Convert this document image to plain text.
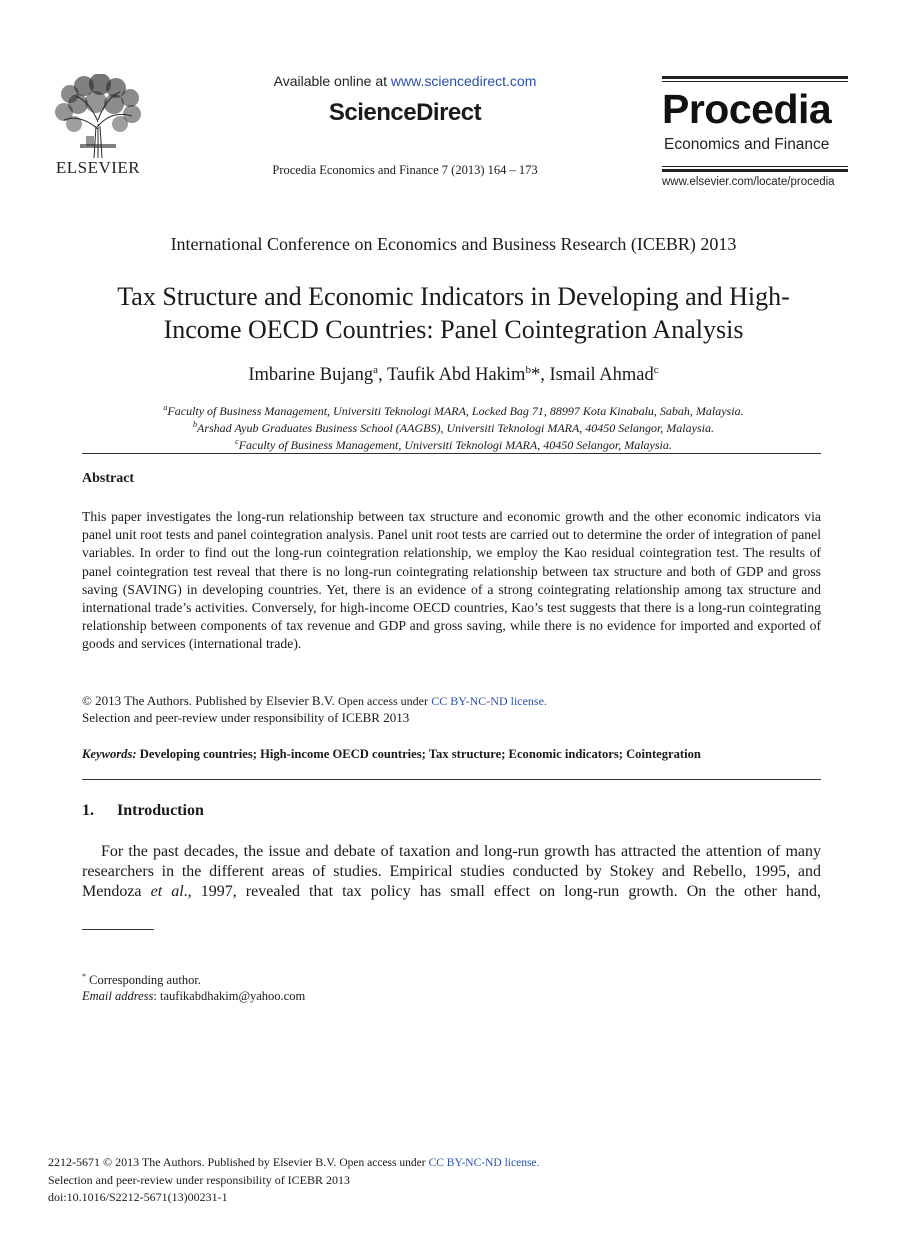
ELSEVIER
Available online at www.sciencedirect.com
ScienceDirect
Procedia Economics and Finance 7 (2013) 164 – 173
Procedia
Economics and Finance
www.elsevier.com/locate/procedia
International Conference on Economics and Business Research (ICEBR) 2013
Tax Structure and Economic Indicators in Developing and High-
Income OECD Countries: Panel Cointegration Analysis
Imbarine Bujang$^a$, Taufik Abd Hakim$^b$*, Ismail Ahmad$^c$
$^a$Faculty of Business Management, Universiti Teknologi MARA, Locked Bag 71, 88997 Kota Kinabalu, Sabah, Malaysia.
$^b$Arshad Ayub Graduates Business School (AAGBS), Universiti Teknologi MARA, 40450 Selangor, Malaysia.
$^c$Faculty of Business Management, Universiti Teknologi MARA, 40450 Selangor, Malaysia.
Abstract
This paper investigates the long-run relationship between tax structure and economic growth and the other economic indicators via panel unit root tests and panel cointegration analysis. Panel unit root tests are carried out to determine the order of integration of panel variables. In order to find out the long-run cointegration relationship, we employ the Kao residual cointegration test. The results of panel cointegration test reveal that there is no long-run cointegrating relationship between tax structure and both of GDP and gross saving (SAVING) in developing countries. Yet, there is an evidence of a strong cointegrating relationship among tax structure and international trade’s activities. Conversely, for high-income OECD countries, Kao’s test suggests that there is a long-run cointegrating relationship between components of tax revenue and GDP and gross saving, while there is no evidence for imported and exported of goods and services (international trade).
© 2013 The Authors. Published by Elsevier B.V. Open access under CC BY-NC-ND license.
Selection and peer-review under responsibility of ICEBR 2013
Keywords: Developing countries; High-income OECD countries; Tax structure; Economic indicators; Cointegration
1. Introduction
For the past decades, the issue and debate of taxation and long-run growth has attracted the attention of many researchers in the different areas of studies. Empirical studies conducted by Stokey and Rebello, 1995, and Mendoza et al., 1997, revealed that tax policy has small effect on long-run growth. On the other hand,
* Corresponding author.
Email address: taufikabdhakim@yahoo.com
2212-5671 © 2013 The Authors. Published by Elsevier B.V. Open access under CC BY-NC-ND license.
Selection and peer-review under responsibility of ICEBR 2013
doi:10.1016/S2212-5671(13)00231-1
